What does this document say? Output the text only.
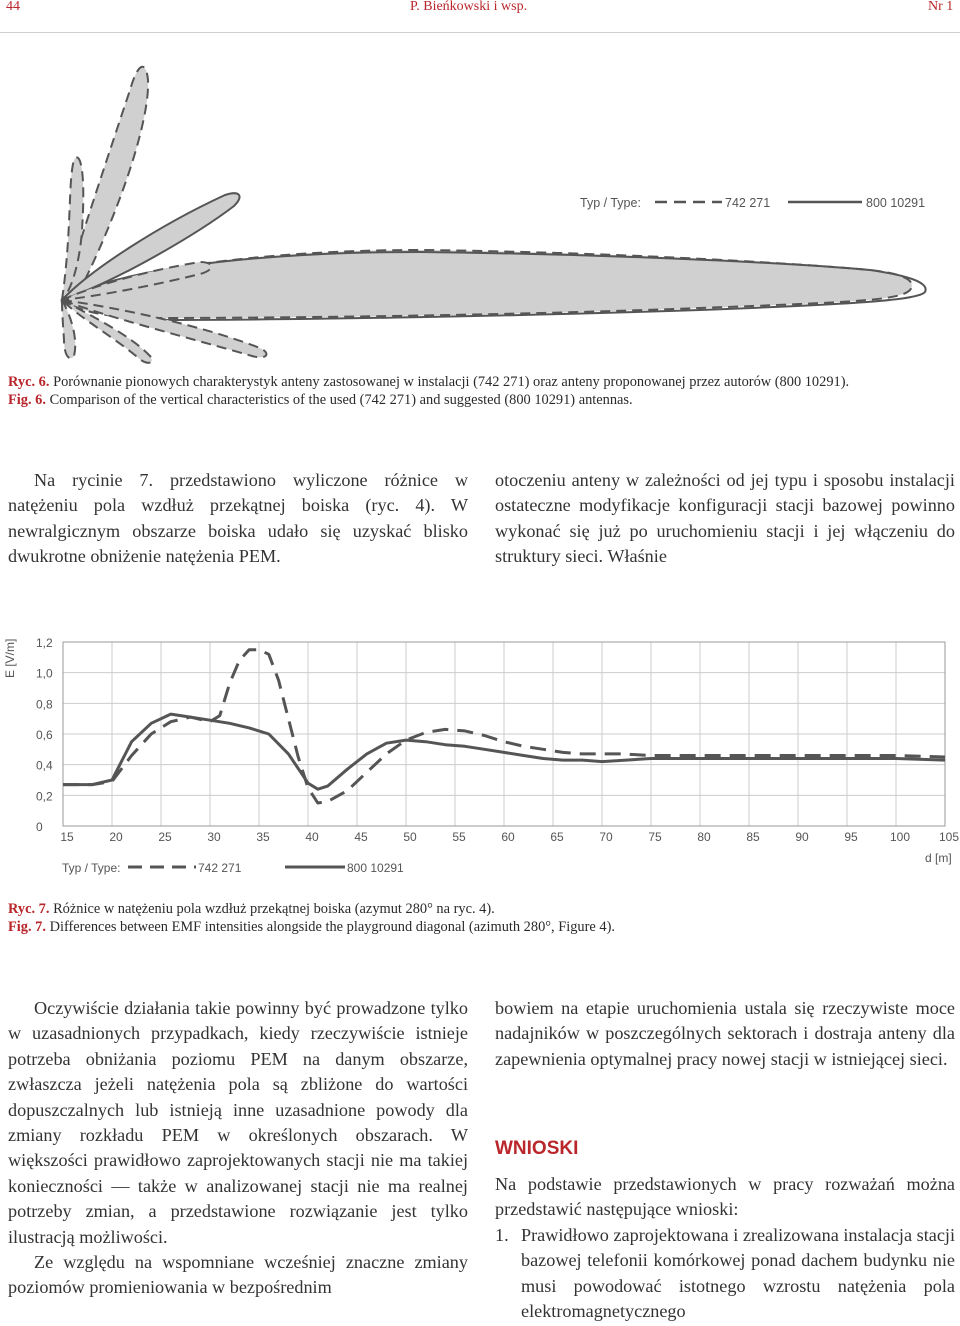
44	P. Bieńkowski i wsp.	Nr 1
Typ / Type:	742 271	800 10291
Ryc. 6. Porównanie pionowych charakterystyk anteny zastosowanej w instalacji (742 271) oraz anteny proponowanej przez autorów (800 10291).
Fig. 6. Comparison of the vertical characteristics of the used (742 271) and suggested (800 10291) antennas.

Na rycinie 7. przedstawiono wyliczone różnice w natężeniu pola wzdłuż przekątnej boiska (ryc. 4). W newralgicznym obszarze boiska udało się uzyskać blisko dwukrotne obniżenie natężenia PEM.

otoczeniu anteny w zależności od jej typu i sposobu instalacji ostateczne modyfikacje konfiguracji stacji bazowej powinno wykonać się już po uruchomieniu stacji i jej włączeniu do struktury sieci. Właśnie

0
0,2
0,4
0,6
0,8
1,0
1,2
15	20	25	30	35	40	45	50	55	60	65	70	75	80	85	90	95	100 105
E [V/m]
d [m]
Typ / Type:	742 271	800 10291
Ryc. 7. Różnice w natężeniu pola wzdłuż przekątnej boiska (azymut 280° na ryc. 4).
Fig. 7. Differences between EMF intensities alongside the playground diagonal (azimuth 280°, Figure 4).

Oczywiście działania takie powinny być prowadzone tylko w uzasadnionych przypadkach, kiedy rzeczywiście istnieje potrzeba obniżania poziomu PEM na danym obszarze, zwłaszcza jeżeli natężenia pola są zbliżone do wartości dopuszczalnych lub istnieją inne uzasadnione powody dla zmiany rozkładu PEM w określonych obszarach. W większości prawidłowo zaprojektowanych stacji nie ma takiej konieczności — także w analizowanej stacji nie ma realnej potrzeby zmian, a przedstawione rozwiązanie jest tylko ilustracją możliwości.

Ze względu na wspomniane wcześniej znaczne zmiany poziomów promieniowania w bezpośrednim

bowiem na etapie uruchomienia ustala się rzeczywiste moce nadajników w poszczególnych sektorach i dostraja anteny dla zapewnienia optymalnej pracy nowej stacji w istniejącej sieci.

WNIOSKI

Na podstawie przedstawionych w pracy rozważań można przedstawić następujące wnioski:

1. Prawidłowo zaprojektowana i zrealizowana instalacja stacji bazowej telefonii komórkowej ponad dachem budynku nie musi powodować istotnego wzrostu natężenia pola elektromagnetycznego
